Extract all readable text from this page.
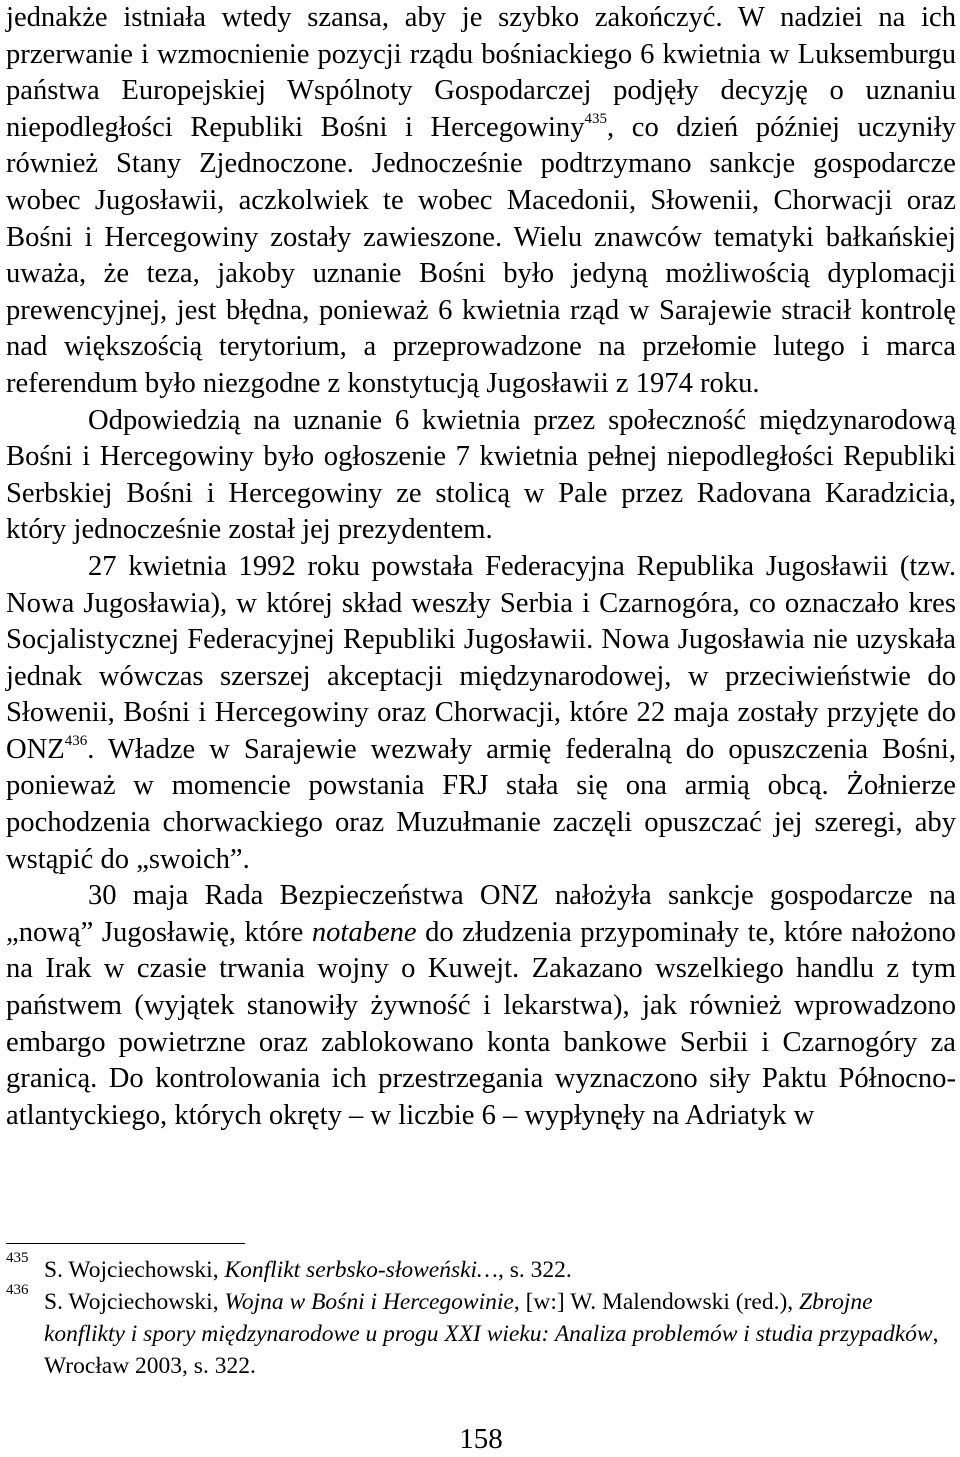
jednakże istniała wtedy szansa, aby je szybko zakończyć. W nadziei na ich przerwanie i wzmocnienie pozycji rządu bośniackiego 6 kwietnia w Luksemburgu państwa Europejskiej Wspólnoty Gospodarczej podjęły decyzję o uznaniu niepodległości Republiki Bośni i Hercegowiny$^{435}$, co dzień później uczyniły również Stany Zjednoczone. Jednocześnie podtrzymano sankcje gospodarcze wobec Jugosławii, aczkolwiek te wobec Macedonii, Słowenii, Chorwacji oraz Bośni i Hercegowiny zostały zawieszone. Wielu znawców tematyki bałkańskiej uważa, że teza, jakoby uznanie Bośni było jedyną możliwością dyplomacji prewencyjnej, jest błędna, ponieważ 6 kwietnia rząd w Sarajewie stracił kontrolę nad większością terytorium, a przeprowadzone na przełomie lutego i marca referendum było niezgodne z konstytucją Jugosławii z 1974 roku.

Odpowiedzią na uznanie 6 kwietnia przez społeczność międzynarodową Bośni i Hercegowiny było ogłoszenie 7 kwietnia pełnej niepodległości Republiki Serbskiej Bośni i Hercegowiny ze stolicą w Pale przez Radovana Karadzicia, który jednocześnie został jej prezydentem.

27 kwietnia 1992 roku powstała Federacyjna Republika Jugosławii (tzw. Nowa Jugosławia), w której skład weszły Serbia i Czarnogóra, co oznaczało kres Socjalistycznej Federacyjnej Republiki Jugosławii. Nowa Jugosławia nie uzyskała jednak wówczas szerszej akceptacji międzynarodowej, w przeciwieństwie do Słowenii, Bośni i Hercegowiny oraz Chorwacji, które 22 maja zostały przyjęte do ONZ$^{436}$. Władze w Sarajewie wezwały armię federalną do opuszczenia Bośni, ponieważ w momencie powstania FRJ stała się ona armią obcą. Żołnierze pochodzenia chorwackiego oraz Muzułmanie zaczęli opuszczać jej szeregi, aby wstąpić do „swoich”.

30 maja Rada Bezpieczeństwa ONZ nałożyła sankcje gospodarcze na „nową” Jugosławię, które notabene do złudzenia przypominały te, które nałożono na Irak w czasie trwania wojny o Kuwejt. Zakazano wszelkiego handlu z tym państwem (wyjątek stanowiły żywność i lekarstwa), jak również wprowadzono embargo powietrzne oraz zablokowano konta bankowe Serbii i Czarnogóry za granicą. Do kontrolowania ich przestrzegania wyznaczono siły Paktu Północno-atlantyckiego, których okręty – w liczbie 6 – wypłynęły na Adriatyk w

435 S. Wojciechowski, Konflikt serbsko-słoweński…, s. 322.

436 S. Wojciechowski, Wojna w Bośni i Hercegowinie, [w:] W. Malendowski (red.), Zbrojne konflikty i spory międzynarodowe u progu XXI wieku: Analiza problemów i studia przypadków, Wrocław 2003, s. 322.

158
